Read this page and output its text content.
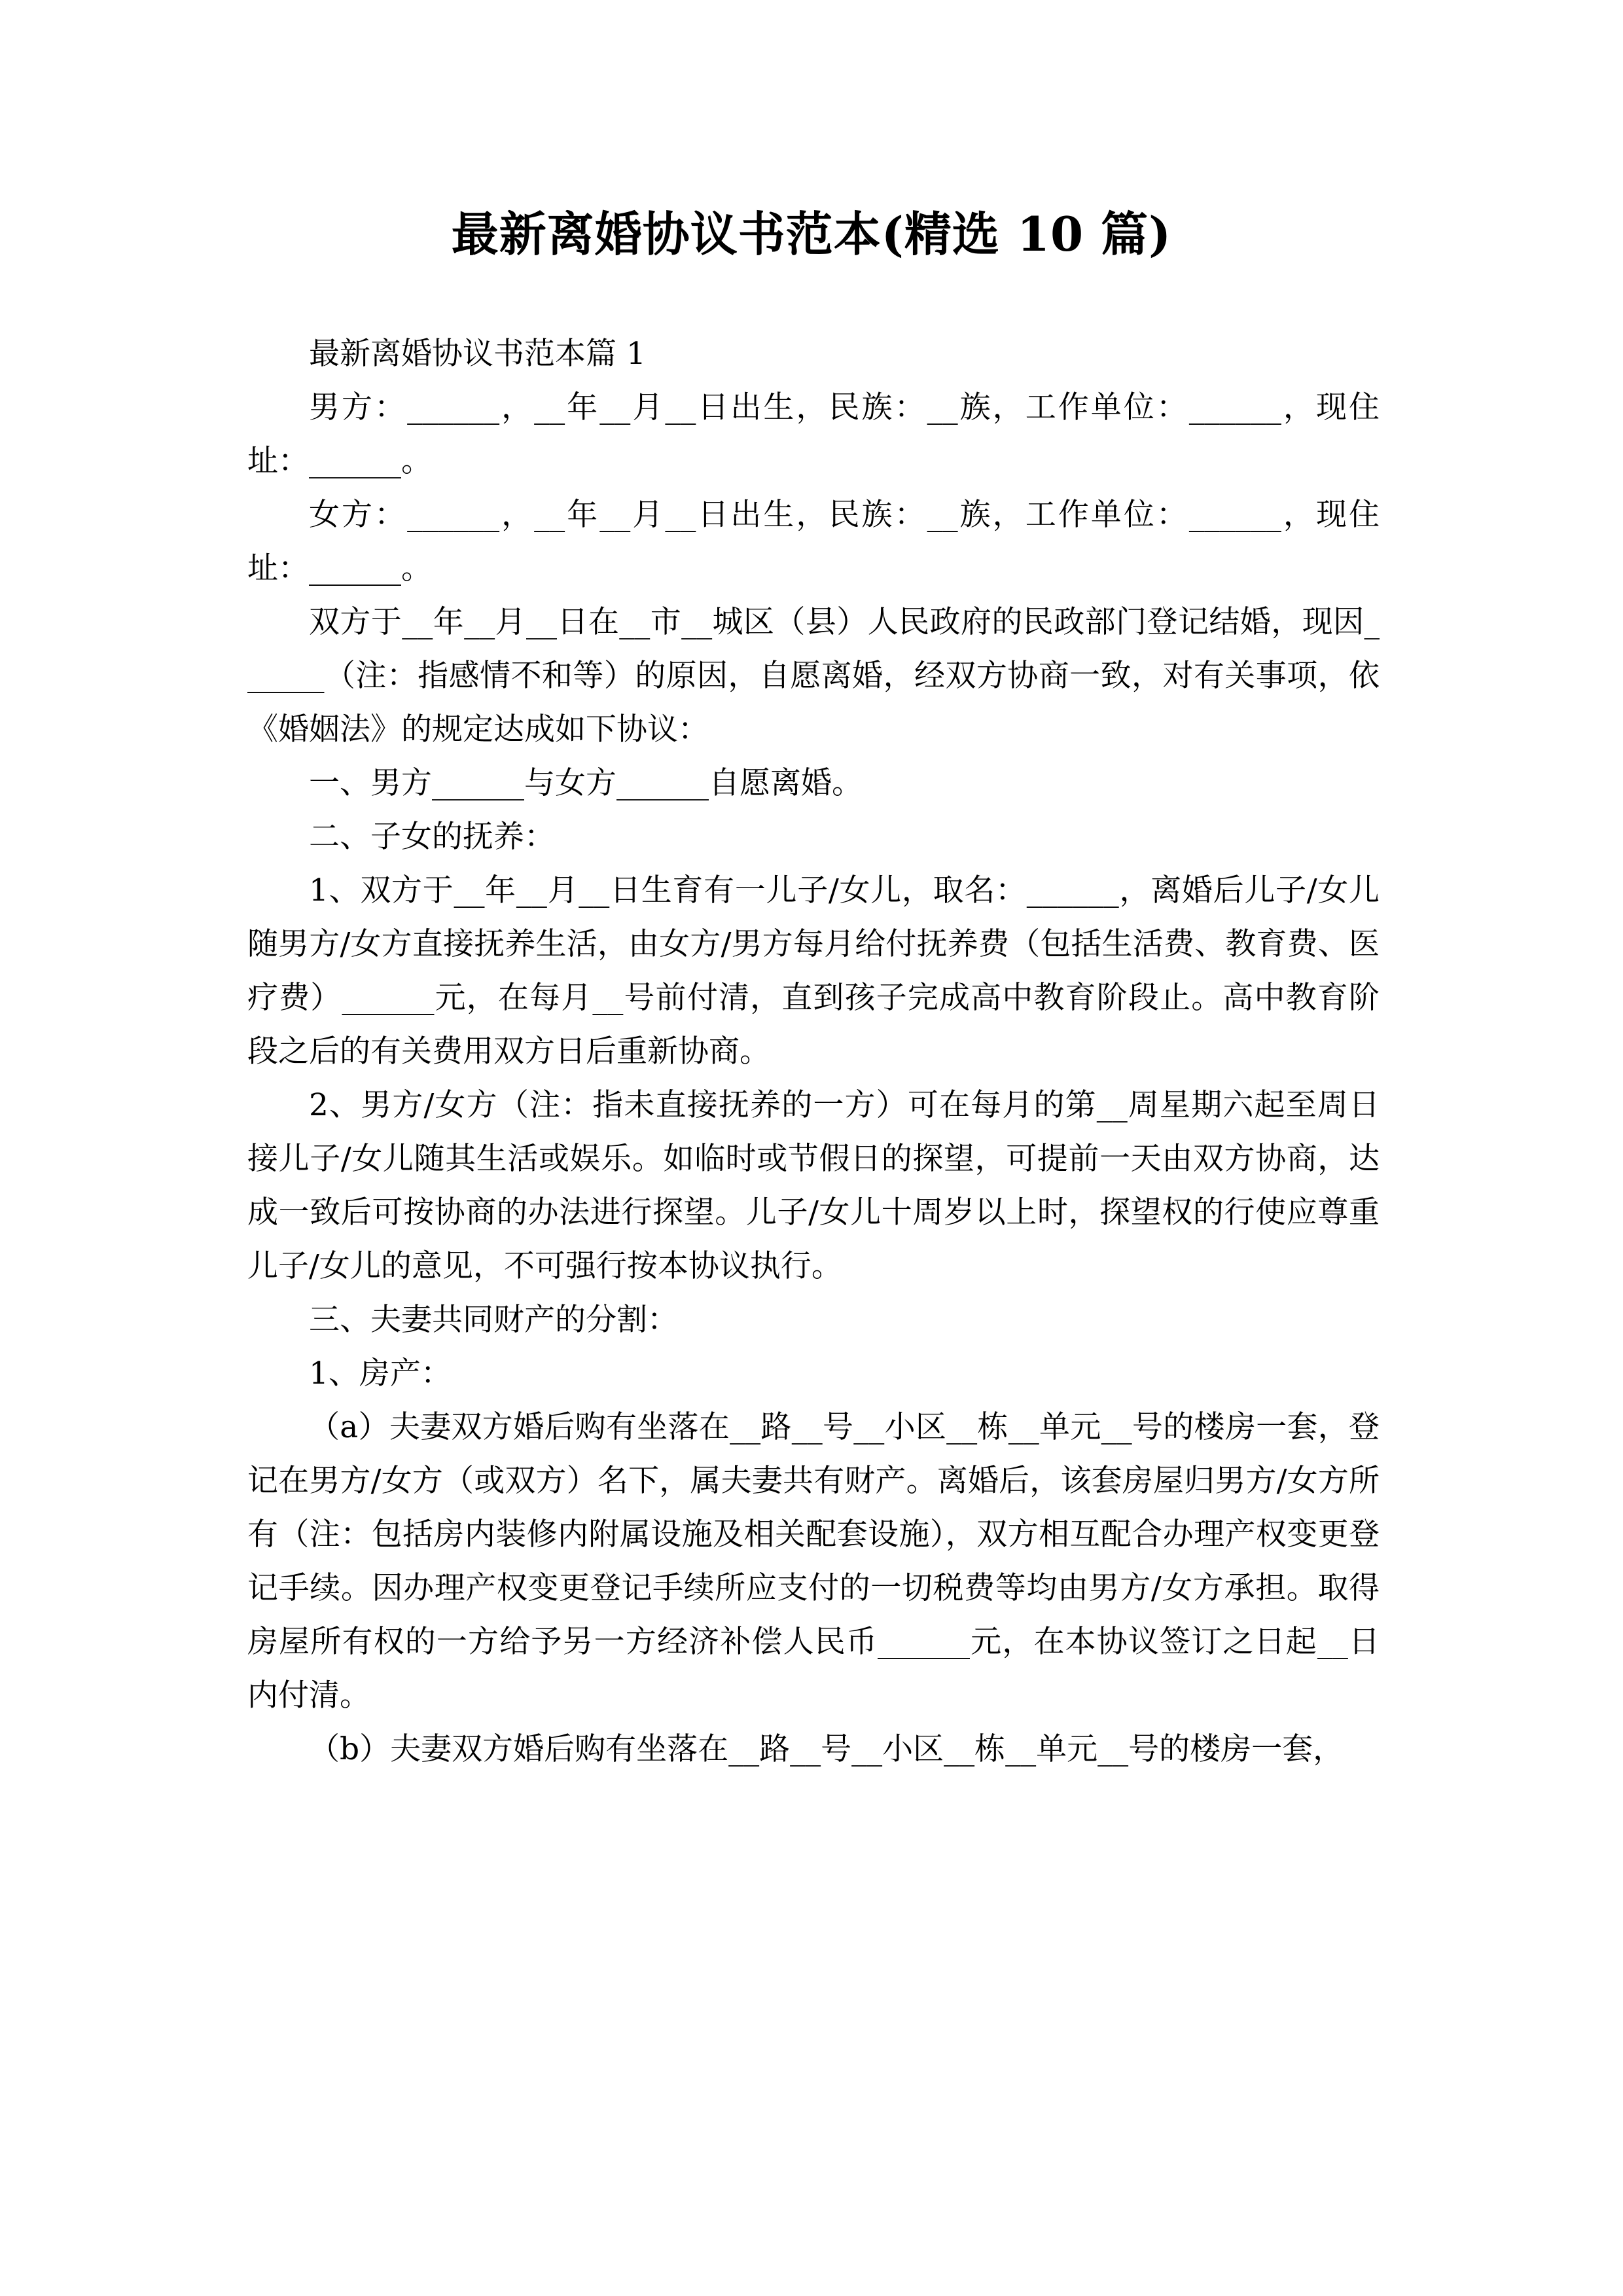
最新离婚协议书范本(精选 10 篇)

最新离婚协议书范本篇 1

男方：______，__年__月__日出生，民族：__族，工作单位：______，现住址：______。

女方：______，__年__月__日出生，民族：__族，工作单位：______，现住址：______。

双方于__年__月__日在__市__城区（县）人民政府的民政部门登记结婚，现因______（注：指感情不和等）的原因，自愿离婚，经双方协商一致，对有关事项，依《婚姻法》的规定达成如下协议：

一、男方______与女方______自愿离婚。

二、子女的抚养：

1、双方于__年__月__日生育有一儿子/女儿，取名：______，离婚后儿子/女儿随男方/女方直接抚养生活，由女方/男方每月给付抚养费（包括生活费、教育费、医疗费）______元，在每月__号前付清，直到孩子完成高中教育阶段止。高中教育阶段之后的有关费用双方日后重新协商。

2、男方/女方（注：指未直接抚养的一方）可在每月的第__周星期六起至周日接儿子/女儿随其生活或娱乐。如临时或节假日的探望，可提前一天由双方协商，达成一致后可按协商的办法进行探望。儿子/女儿十周岁以上时，探望权的行使应尊重儿子/女儿的意见，不可强行按本协议执行。

三、夫妻共同财产的分割：

1、房产：

（a）夫妻双方婚后购有坐落在__路__号__小区__栋__单元__号的楼房一套，登记在男方/女方（或双方）名下，属夫妻共有财产。离婚后，该套房屋归男方/女方所有（注：包括房内装修内附属设施及相关配套设施），双方相互配合办理产权变更登记手续。因办理产权变更登记手续所应支付的一切税费等均由男方/女方承担。取得房屋所有权的一方给予另一方经济补偿人民币______元，在本协议签订之日起__日内付清。

（b）夫妻双方婚后购有坐落在__路__号__小区__栋__单元__号的楼房一套，
